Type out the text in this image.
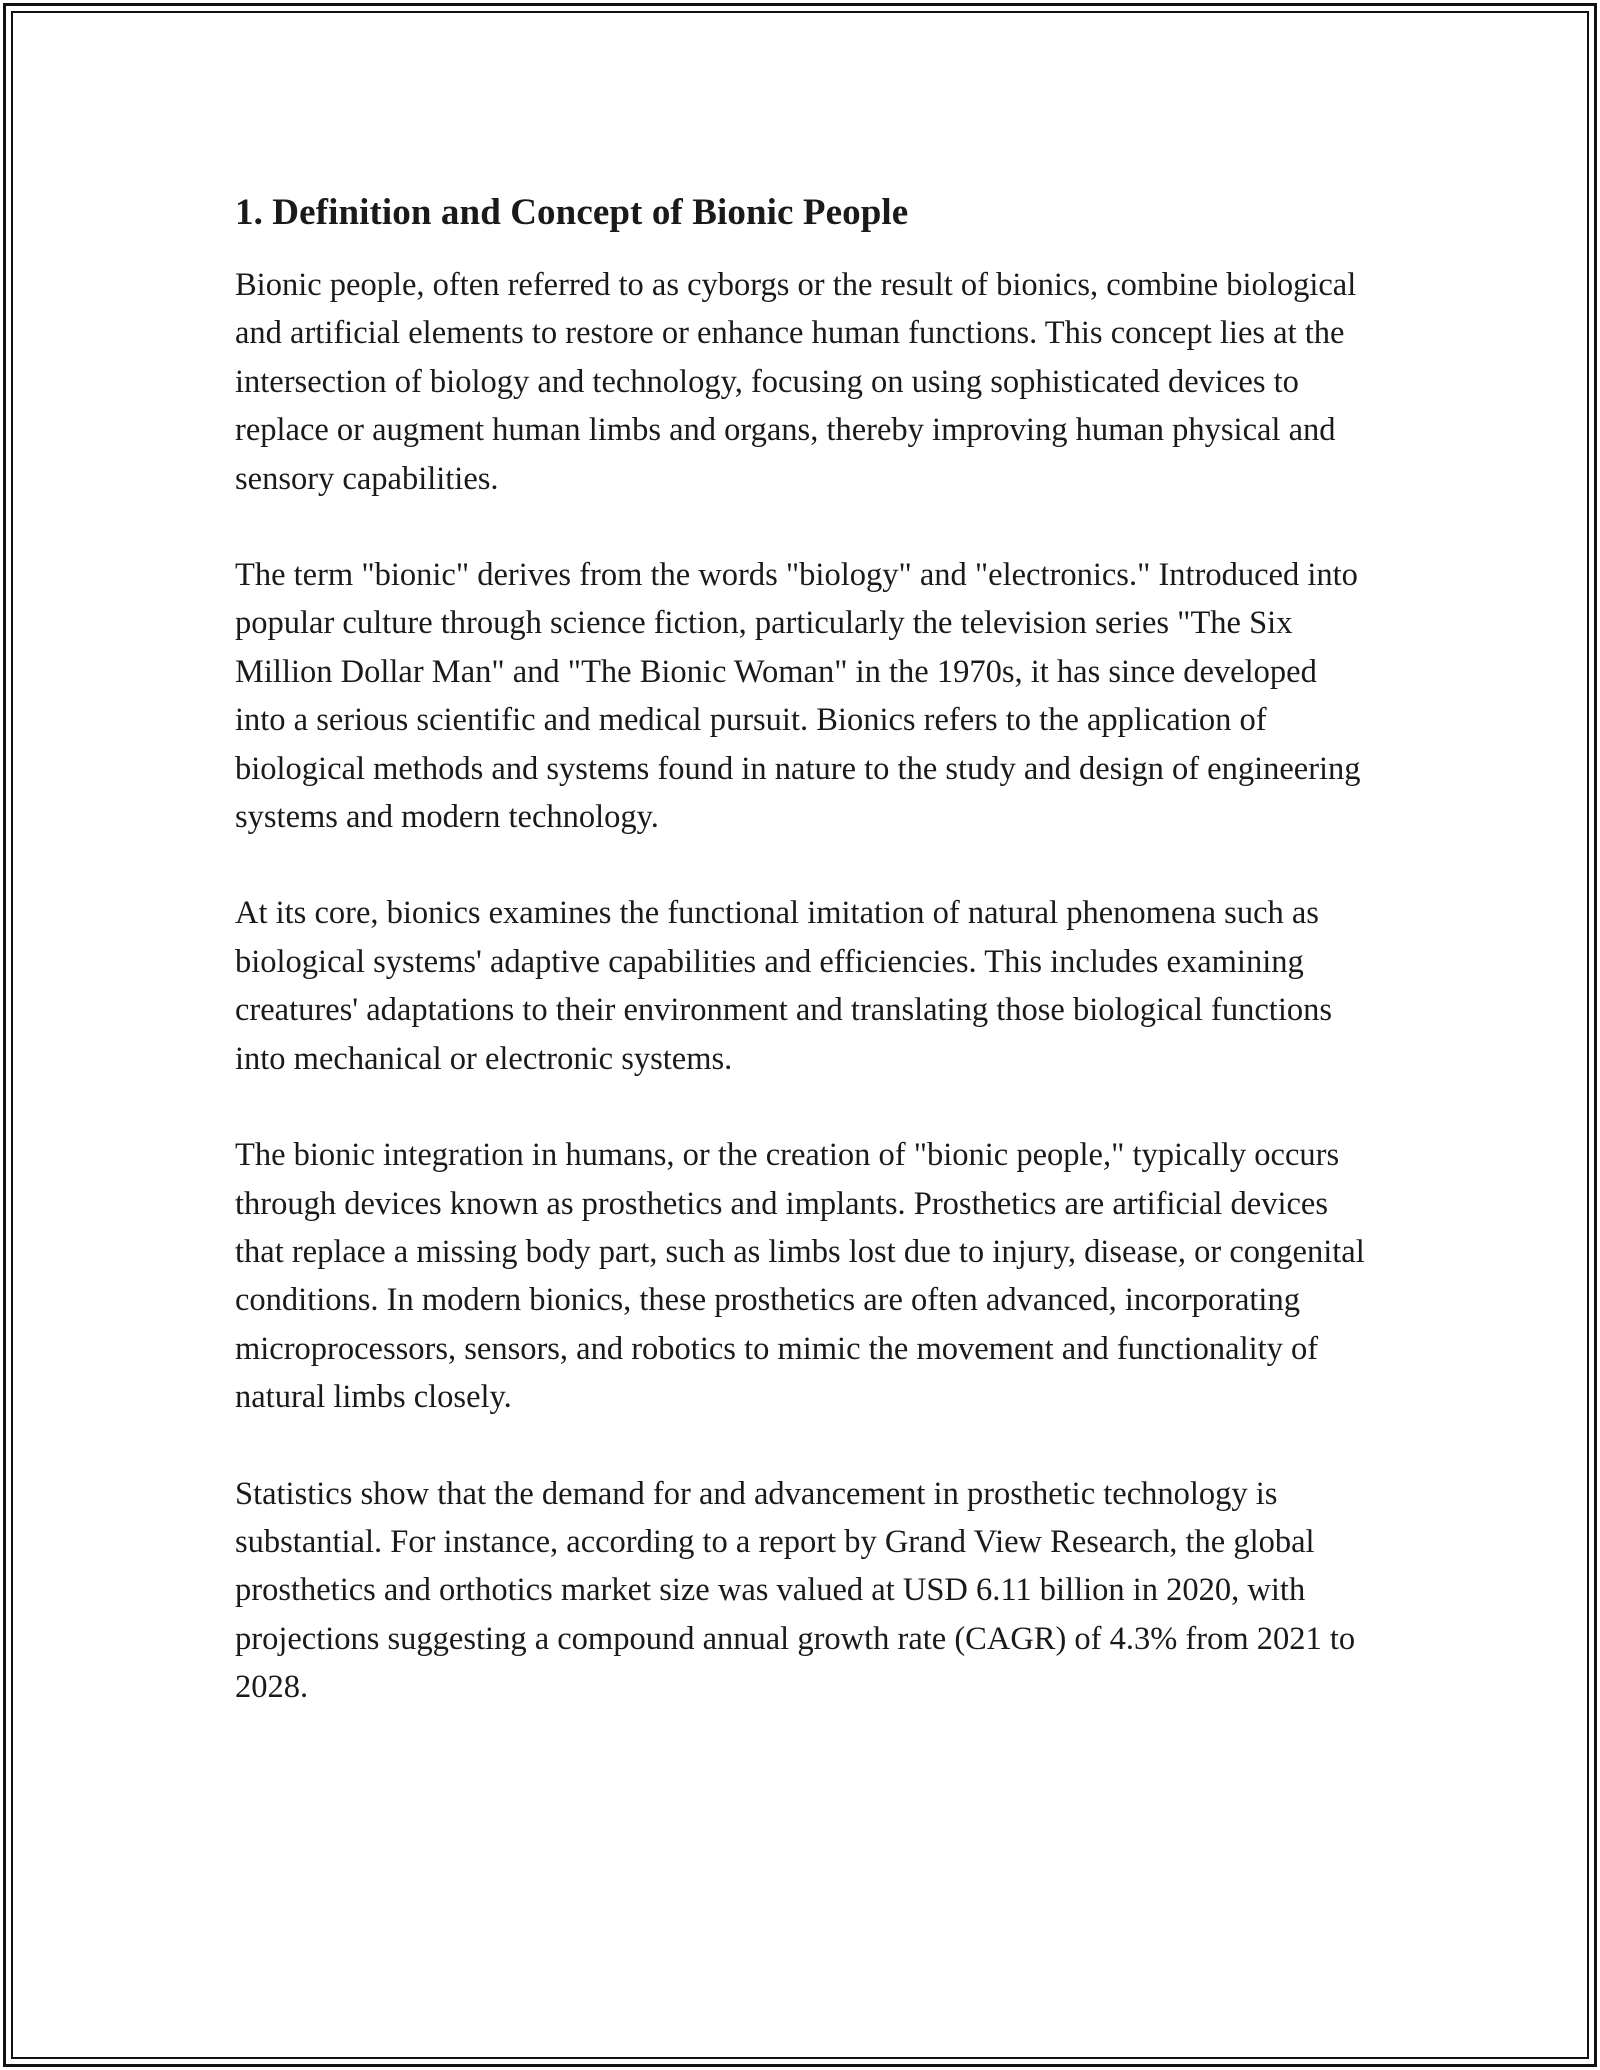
1. Definition and Concept of Bionic People

Bionic people, often referred to as cyborgs or the result of bionics, combine biological and artificial elements to restore or enhance human functions. This concept lies at the intersection of biology and technology, focusing on using sophisticated devices to replace or augment human limbs and organs, thereby improving human physical and sensory capabilities.

The term "bionic" derives from the words "biology" and "electronics." Introduced into popular culture through science fiction, particularly the television series "The Six Million Dollar Man" and "The Bionic Woman" in the 1970s, it has since developed into a serious scientific and medical pursuit. Bionics refers to the application of biological methods and systems found in nature to the study and design of engineering systems and modern technology.

At its core, bionics examines the functional imitation of natural phenomena such as biological systems' adaptive capabilities and efficiencies. This includes examining creatures' adaptations to their environment and translating those biological functions into mechanical or electronic systems.

The bionic integration in humans, or the creation of "bionic people," typically occurs through devices known as prosthetics and implants. Prosthetics are artificial devices that replace a missing body part, such as limbs lost due to injury, disease, or congenital conditions. In modern bionics, these prosthetics are often advanced, incorporating microprocessors, sensors, and robotics to mimic the movement and functionality of natural limbs closely.

Statistics show that the demand for and advancement in prosthetic technology is substantial. For instance, according to a report by Grand View Research, the global prosthetics and orthotics market size was valued at USD 6.11 billion in 2020, with projections suggesting a compound annual growth rate (CAGR) of 4.3% from 2021 to 2028.
